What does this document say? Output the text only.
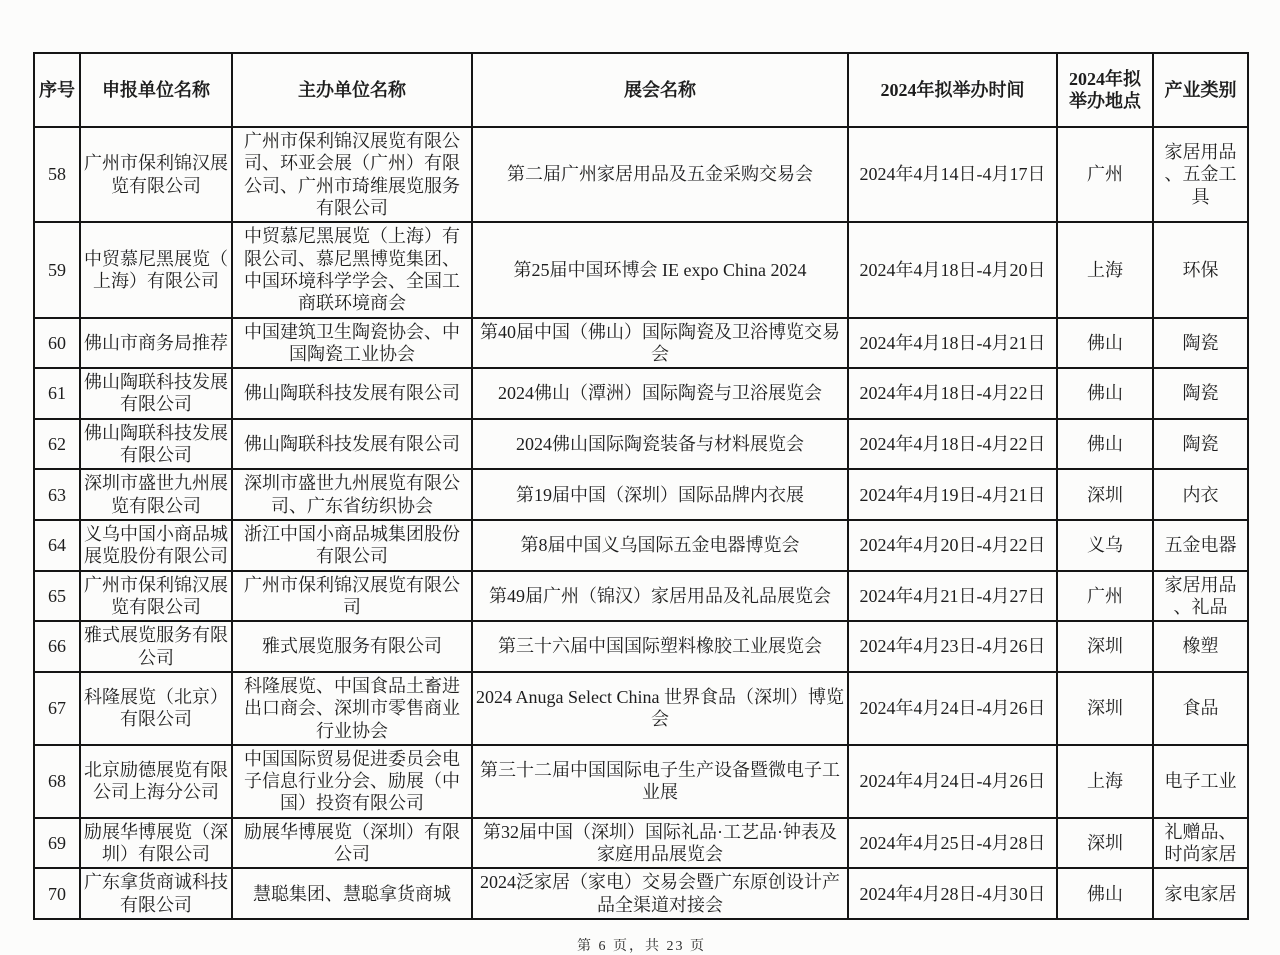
序号	申报单位名称	主办单位名称	展会名称	2024年拟举办时间	2024年拟举办地点	产业类别
58	广州市保利锦汉展览有限公司	广州市保利锦汉展览有限公司、环亚会展（广州）有限公司、广州市琦维展览服务有限公司	第二届广州家居用品及五金采购交易会	2024年4月14日-4月17日	广州	家居用品、五金工具
59	中贸慕尼黑展览（上海）有限公司	中贸慕尼黑展览（上海）有限公司、慕尼黑博览集团、中国环境科学学会、全国工商联环境商会	第25届中国环博会 IE expo China 2024	2024年4月18日-4月20日	上海	环保
60	佛山市商务局推荐	中国建筑卫生陶瓷协会、中国陶瓷工业协会	第40届中国（佛山）国际陶瓷及卫浴博览交易会	2024年4月18日-4月21日	佛山	陶瓷
61	佛山陶联科技发展有限公司	佛山陶联科技发展有限公司	2024佛山（潭洲）国际陶瓷与卫浴展览会	2024年4月18日-4月22日	佛山	陶瓷
62	佛山陶联科技发展有限公司	佛山陶联科技发展有限公司	2024佛山国际陶瓷装备与材料展览会	2024年4月18日-4月22日	佛山	陶瓷
63	深圳市盛世九州展览有限公司	深圳市盛世九州展览有限公司、广东省纺织协会	第19届中国（深圳）国际品牌内衣展	2024年4月19日-4月21日	深圳	内衣
64	义乌中国小商品城展览股份有限公司	浙江中国小商品城集团股份有限公司	第8届中国义乌国际五金电器博览会	2024年4月20日-4月22日	义乌	五金电器
65	广州市保利锦汉展览有限公司	广州市保利锦汉展览有限公司	第49届广州（锦汉）家居用品及礼品展览会	2024年4月21日-4月27日	广州	家居用品、礼品
66	雅式展览服务有限公司	雅式展览服务有限公司	第三十六届中国国际塑料橡胶工业展览会	2024年4月23日-4月26日	深圳	橡塑
67	科隆展览（北京）有限公司	科隆展览、中国食品土畜进出口商会、深圳市零售商业行业协会	2024 Anuga Select China 世界食品（深圳）博览会	2024年4月24日-4月26日	深圳	食品
68	北京励德展览有限公司上海分公司	中国国际贸易促进委员会电子信息行业分会、励展（中国）投资有限公司	第三十二届中国国际电子生产设备暨微电子工业展	2024年4月24日-4月26日	上海	电子工业
69	励展华博展览（深圳）有限公司	励展华博展览（深圳）有限公司	第32届中国（深圳）国际礼品·工艺品·钟表及家庭用品展览会	2024年4月25日-4月28日	深圳	礼赠品、时尚家居
70	广东拿货商诚科技有限公司	慧聪集团、慧聪拿货商城	2024泛家居（家电）交易会暨广东原创设计产品全渠道对接会	2024年4月28日-4月30日	佛山	家电家居
第 6 页，共 23 页
